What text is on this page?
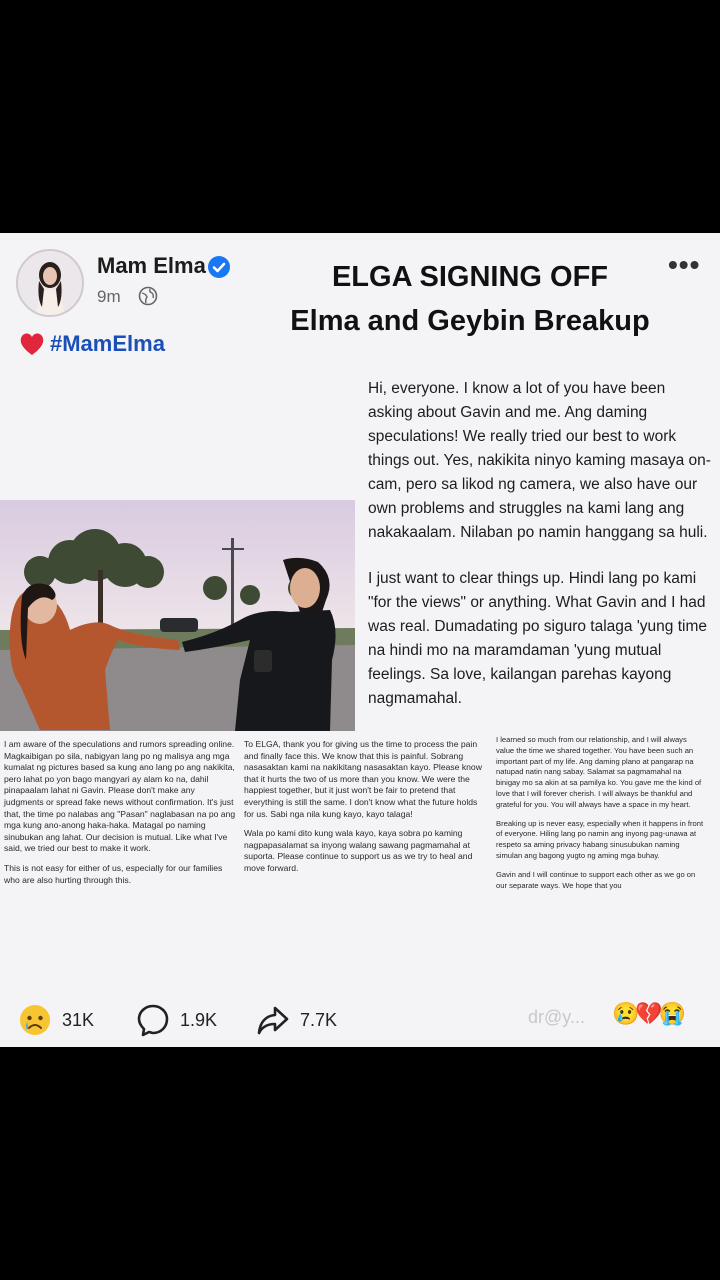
Mam Elma
9m
•••
#MamElma
ELGA SIGNING OFF
Elma and Geybin Breakup

Hi, everyone. I know a lot of you have been asking about Gavin and me. Ang daming speculations! We really tried our best to work things out. Yes, nakikita ninyo kaming masaya on-cam, pero sa likod ng camera, we also have our own problems and struggles na kami lang ang nakakaalam. Nilaban po namin hanggang sa huli.

I just want to clear things up. Hindi lang po kami "for the views" or anything. What Gavin and I had was real. Dumadating po siguro talaga 'yung time na hindi mo na maramdaman 'yung mutual feelings. Sa love, kailangan parehas kayong nagmamahal.

I am aware of the speculations and rumors spreading online. Magkaibigan po sila, nabigyan lang po ng malisya ang mga kumalat ng pictures based sa kung ano lang po ang nakikita, pero lahat po yon bago mangyari ay alam ko na, dahil pinapaalam lahat ni Gavin. Please don't make any judgments or spread fake news without confirmation. It's just that, the time po nalabas ang "Pasan" naglabasan na po ang mga kung ano-anong haka-haka. Matagal po naming sinubukan ang lahat. Our decision is mutual. Like what I've said, we tried our best to make it work.

This is not easy for either of us, especially for our families who are also hurting through this.

To ELGA, thank you for giving us the time to process the pain and finally face this. We know that this is painful. Sobrang nasasaktan kami na nakikitang nasasaktan kayo. Please know that it hurts the two of us more than you know. We were the happiest together, but it just won't be fair to pretend that everything is still the same. I don't know what the future holds for us. Sabi nga nila kung kayo, kayo talaga!

Wala po kami dito kung wala kayo, kaya sobra po kaming nagpapasalamat sa inyong walang sawang pagmamahal at suporta. Please continue to support us as we try to heal and move forward.

I learned so much from our relationship, and I will always value the time we shared together. You have been such an important part of my life. Ang daming plano at pangarap na natupad natin nang sabay. Salamat sa pagmamahal na binigay mo sa akin at sa pamilya ko. You gave me the kind of love that I will forever cherish. I will always be thankful and grateful for you. You will always have a space in my heart.

Breaking up is never easy, especially when it happens in front of everyone. Hiling lang po namin ang inyong pag-unawa at respeto sa aming privacy habang sinusubukan naming simulan ang bagong yugto ng aming mga buhay.

Gavin and I will continue to support each other as we go on our separate ways. We hope that you

31K	1.9K	7.7K	dr@y... 😢💔😭
